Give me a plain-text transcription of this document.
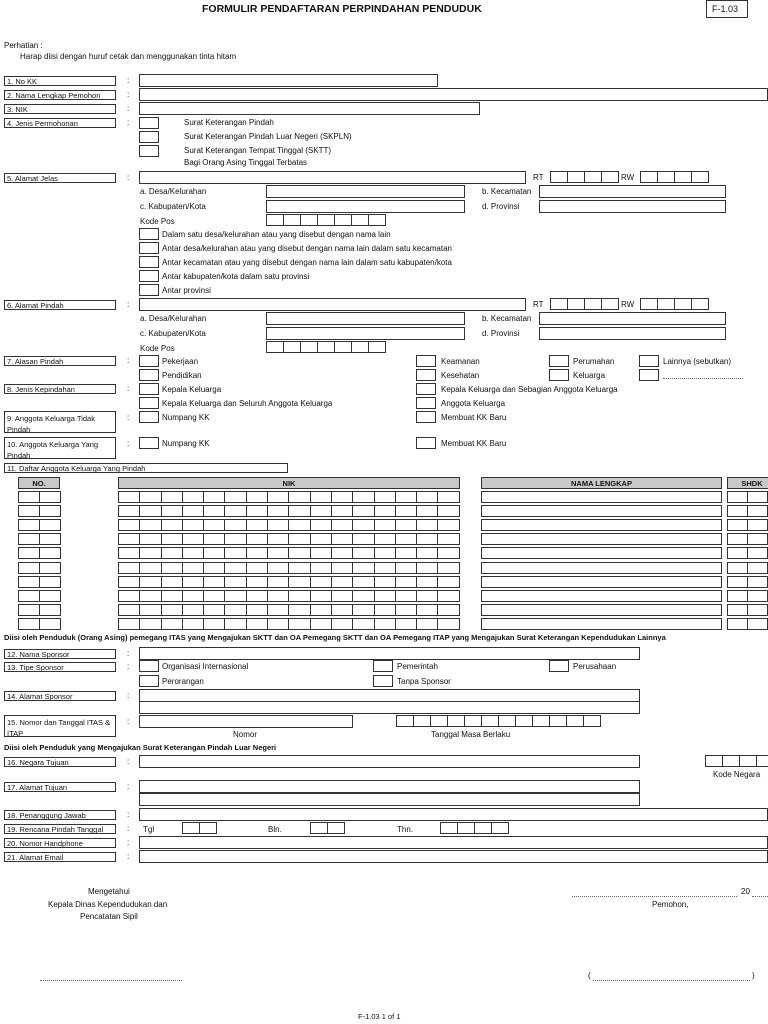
FORMULIR PENDAFTARAN PERPINDAHAN PENDUDUK	F-1.03
Perhatian :
Harap diisi dengan huruf cetak dan menggunakan tinta hitam
1. No KK	:
2. Nama Lengkap Pemohon	:
3. NIK	:
4. Jenis Permohonan	:	Surat Keterangan Pindah
Surat Keterangan Pindah Luar Negeri (SKPLN)
Surat Keterangan Tempat Tinggal (SKTT)
Bagi Orang Asing Tinggal Terbatas
5. Alamat Jelas	:	RT	RW
a. Desa/Kelurahan	b. Kecamatan
c. Kabupaten/Kota	d. Provinsi
Kode Pos
Dalam satu desa/kelurahan atau yang disebut dengan nama lain
Antar desa/kelurahan atau yang disebut dengan nama lain dalam satu kecamatan
Antar kecamatan atau yang disebut dengan nama lain dalam satu kabupaten/kota
Antar kabupaten/kota dalam satu provinsi
Antar provinsi
6. Alamat Pindah	:	RT	RW
a. Desa/Kelurahan	b. Kecamatan
c. Kabupaten/Kota	d. Provinsi
Kode Pos
7. Alasan Pindah	:	Pekerjaan
Pendidikan
Keamanan
Kesehatan
Perumahan
Keluarga
Lainnya (sebutkan)
8. Jenis Kepindahan	:	Kepala Keluarga
Kepala Keluarga dan Seluruh Anggota Keluarga
Kepala Keluarga dan Sebagian Anggota Keluarga
Anggota Keluarga
9. Anggota Keluarga Tidak Pindah
:	Numpang KK	Membuat KK Baru
10. Anggota Keluarga Yang Pindah
:	Numpang KK	Membuat KK Baru
11. Daftar Anggota Keluarga Yang Pindah
NO.	NIK	NAMA LENGKAP	SHDK
Diisi oleh Penduduk (Orang Asing) pemegang ITAS yang Mengajukan SKTT dan OA Pemegang SKTT dan OA Pemegang ITAP yang Mengajukan Surat Keterangan Kependudukan Lainnya
12. Nama Sponsor	:
13. Tipe Sponsor	:	Organisasi Internasional	Pemerintah	Perusahaan
Perorangan	Tanpa Sponsor
14. Alamat Sponsor	:
15. Nomor dan Tanggal ITAS & ITAP
:
Nomor	Tanggal Masa Berlaku
Diisi oleh Penduduk yang Mengajukan Surat Keterangan Pindah Luar Negeri
16. Negara Tujuan	:
Kode Negara
17. Alamat Tujuan	:
18. Penanggung Jawab	:
19. Rencana Pindah Tanggal	: Tgl	Bln.	Thn.
20. Nomor Handphone	:
21. Alamat Email	:
Mengetahui
Kepala Dinas Kependudukan dan
Pencatatan Sipil
20
Pemohon,
(	)
F-1.03 1 of 1
